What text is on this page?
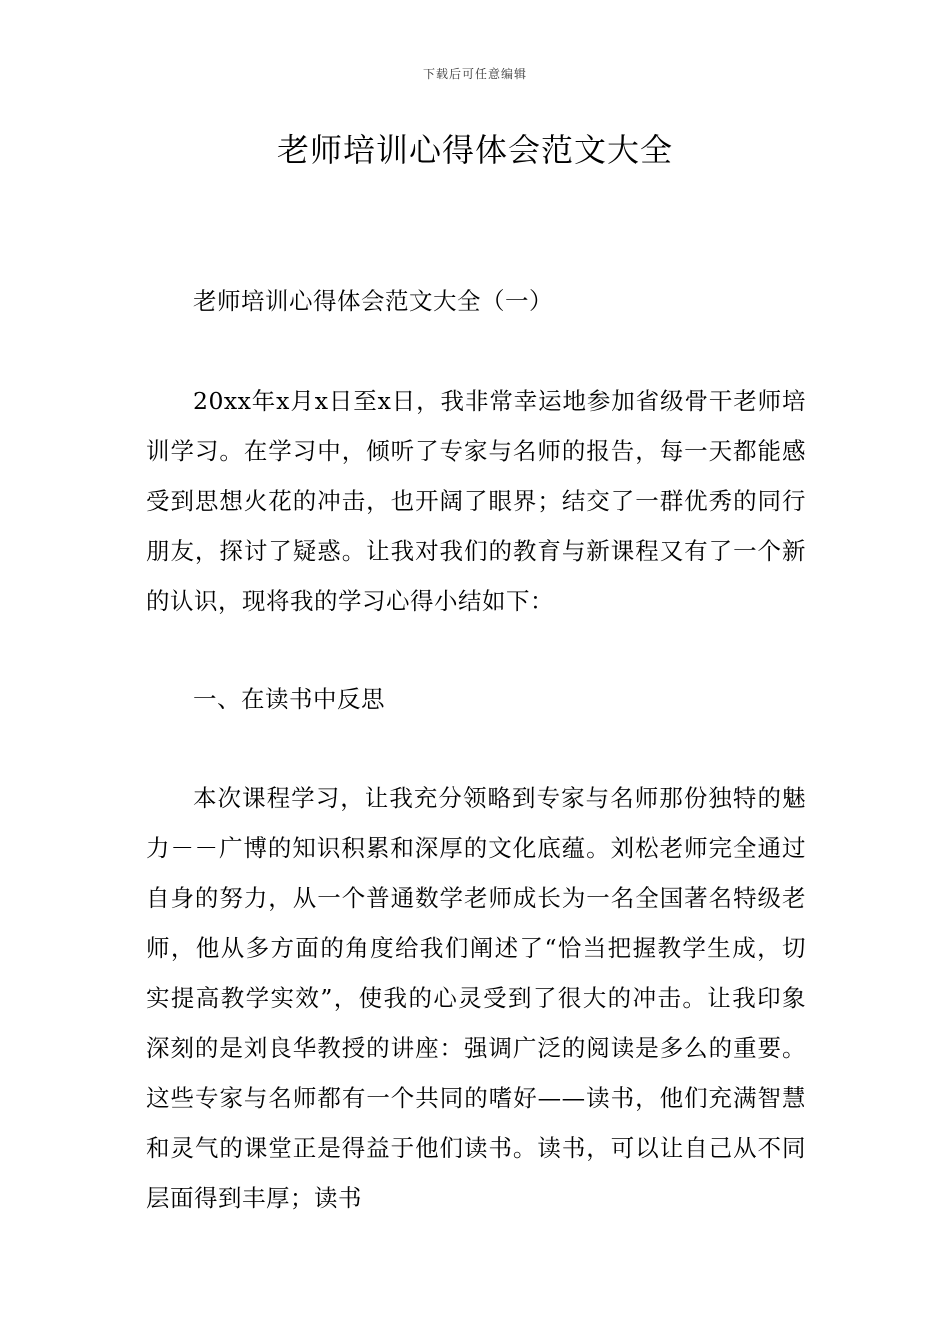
下载后可任意编辑
老师培训心得体会范文大全

老师培训心得体会范文大全（一）

20xx年x月x日至x日，我非常幸运地参加省级骨干老师培训学习。在学习中，倾听了专家与名师的报告，每一天都能感受到思想火花的冲击，也开阔了眼界；结交了一群优秀的同行朋友，探讨了疑惑。让我对我们的教育与新课程又有了一个新的认识，现将我的学习心得小结如下：

一、在读书中反思

本次课程学习，让我充分领略到专家与名师那份独特的魅力－－广博的知识积累和深厚的文化底蕴。刘松老师完全通过自身的努力，从一个普通数学老师成长为一名全国著名特级老师，他从多方面的角度给我们阐述了“恰当把握教学生成，切实提高教学实效”，使我的心灵受到了很大的冲击。让我印象深刻的是刘良华教授的讲座：强调广泛的阅读是多么的重要。这些专家与名师都有一个共同的嗜好——读书，他们充满智慧和灵气的课堂正是得益于他们读书。读书，可以让自己从不同层面得到丰厚；读书
